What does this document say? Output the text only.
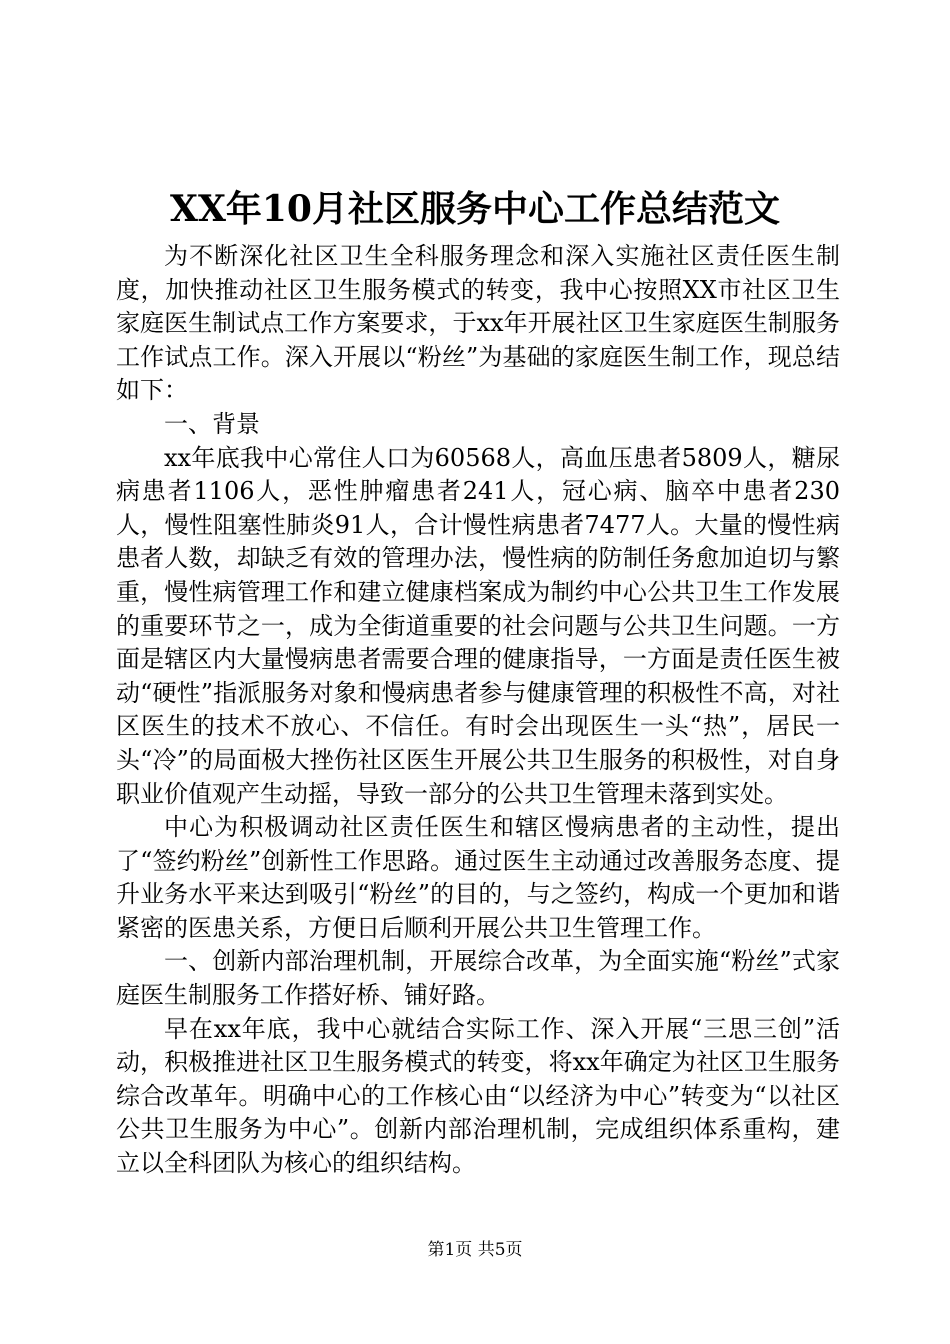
XX年10月社区服务中心工作总结范文

为不断深化社区卫生全科服务理念和深入实施社区责任医生制度，加快推动社区卫生服务模式的转变，我中心按照XX市社区卫生家庭医生制试点工作方案要求，于xx年开展社区卫生家庭医生制服务工作试点工作。深入开展以“粉丝”为基础的家庭医生制工作，现总结如下：

一、背景

xx年底我中心常住人口为60568人，高血压患者5809人，糖尿病患者1106人，恶性肿瘤患者241人，冠心病、脑卒中患者230人，慢性阻塞性肺炎91人，合计慢性病患者7477人。大量的慢性病患者人数，却缺乏有效的管理办法，慢性病的防制任务愈加迫切与繁重，慢性病管理工作和建立健康档案成为制约中心公共卫生工作发展的重要环节之一，成为全街道重要的社会问题与公共卫生问题。一方面是辖区内大量慢病患者需要合理的健康指导，一方面是责任医生被动“硬性”指派服务对象和慢病患者参与健康管理的积极性不高，对社区医生的技术不放心、不信任。有时会出现医生一头“热”，居民一头“冷”的局面极大挫伤社区医生开展公共卫生服务的积极性，对自身职业价值观产生动摇，导致一部分的公共卫生管理未落到实处。

中心为积极调动社区责任医生和辖区慢病患者的主动性，提出了“签约粉丝”创新性工作思路。通过医生主动通过改善服务态度、提升业务水平来达到吸引“粉丝”的目的，与之签约，构成一个更加和谐紧密的医患关系，方便日后顺利开展公共卫生管理工作。

一、创新内部治理机制，开展综合改革，为全面实施“粉丝”式家庭医生制服务工作搭好桥、铺好路。

早在xx年底，我中心就结合实际工作、深入开展“三思三创”活动，积极推进社区卫生服务模式的转变，将xx年确定为社区卫生服务综合改革年。明确中心的工作核心由“以经济为中心”转变为“以社区公共卫生服务为中心”。创新内部治理机制，完成组织体系重构，建立以全科团队为核心的组织结构。

第1页 共5页
